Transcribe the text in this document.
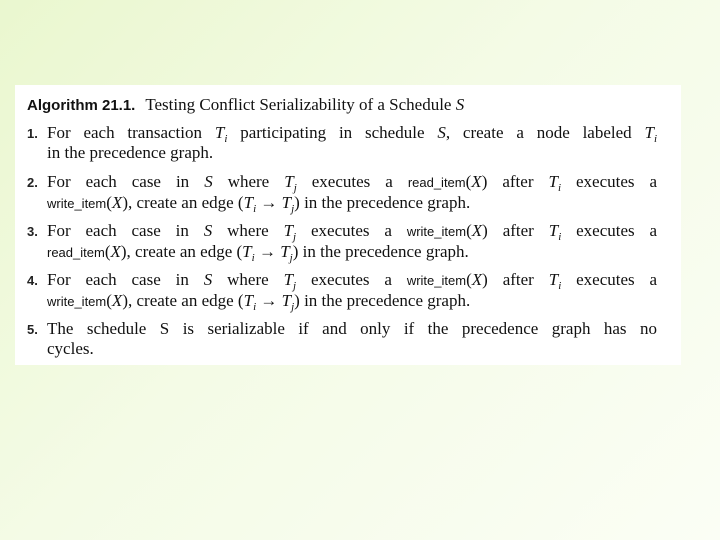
Algorithm 21.1. Testing Conflict Serializability of a Schedule S
1. For each transaction $T_i$ participating in schedule S, create a node labeled $T_i$
in the precedence graph.
2. For each case in S where $T_j$ executes a read_item(X) after $T_i$ executes a
write_item(X), create an edge $(T_i \to T_j)$ in the precedence graph.
3. For each case in S where $T_j$ executes a write_item(X) after $T_i$ executes a
read_item(X), create an edge $(T_i \to T_j)$ in the precedence graph.
4. For each case in S where $T_j$ executes a write_item(X) after $T_i$ executes a
write_item(X), create an edge $(T_i \to T_j)$ in the precedence graph.
5. The schedule S is serializable if and only if the precedence graph has no
cycles.
